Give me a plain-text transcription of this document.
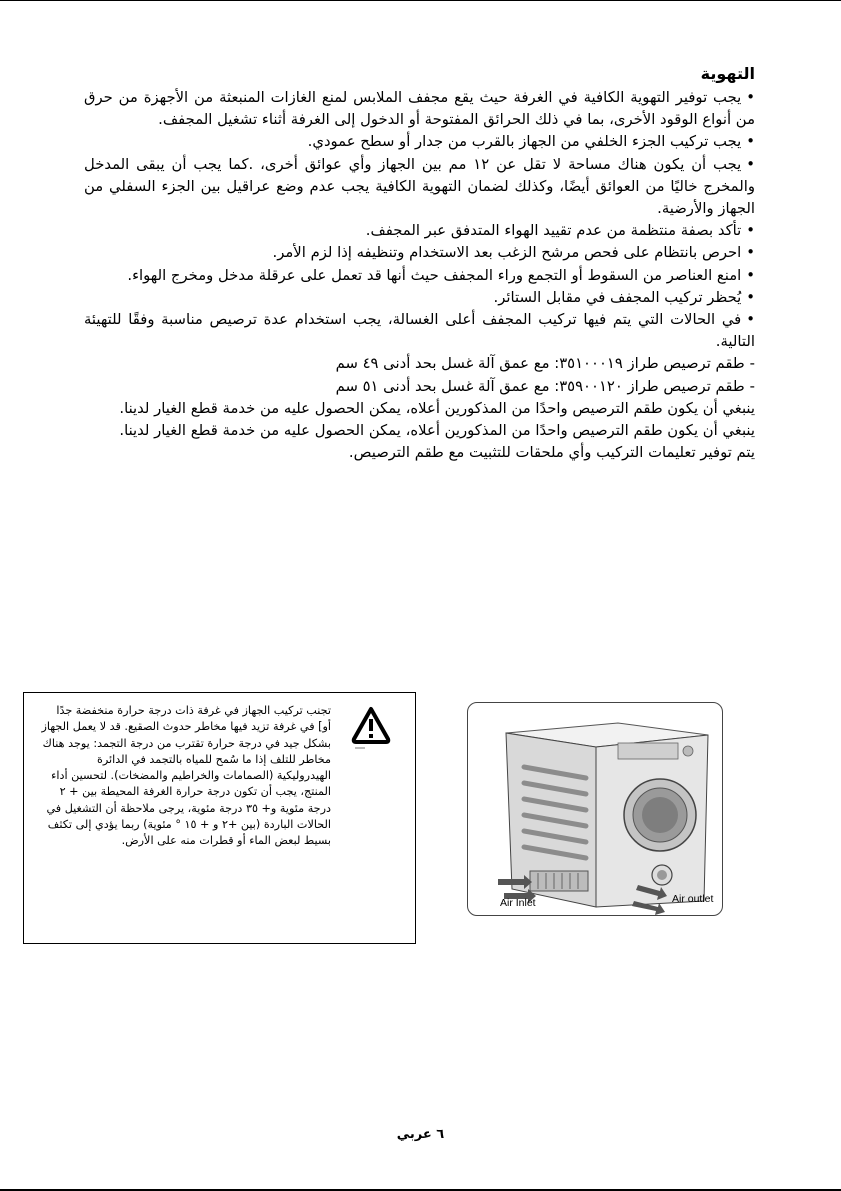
التهوية
•يجب توفير التهوية الكافية في الغرفة حيث يقع مجفف الملابس لمنع الغازات المنبعثة من الأجهزة من حرق من أنواع الوقود الأخرى، بما في ذلك الحرائق المفتوحة أو الدخول إلى الغرفة أثناء تشغيل المجفف.
•يجب تركيب الجزء الخلفي من الجهاز بالقرب من جدار أو سطح عمودي.
•يجب أن يكون هناك مساحة لا تقل عن ١٢ مم بين الجهاز وأي عوائق أخرى، .كما يجب أن يبقى المدخل والمخرج خاليًا من العوائق أيضًا، وكذلك لضمان التهوية الكافية يجب عدم وضع عراقيل بين الجزء السفلي من الجهاز والأرضية.
•تأكد بصفة منتظمة من عدم تقييد الهواء المتدفق عبر المجفف.
•احرص بانتظام على فحص مرشح الزغب بعد الاستخدام وتنظيفه إذا لزم الأمر.
•امنع العناصر من السقوط أو التجمع وراء المجفف حيث أنها قد تعمل على عرقلة مدخل ومخرج الهواء.
•يُحظر تركيب المجفف في مقابل الستائر.
•في الحالات التي يتم فيها تركيب المجفف أعلى الغسالة، يجب استخدام عدة ترصيص مناسبة وفقًا للتهيئة التالية.
-طقم ترصيص طراز ٣٥١٠٠٠١٩: مع عمق آلة غسل بحد أدنى ٤٩ سم
-طقم ترصيص طراز ٣٥٩٠٠١٢٠: مع عمق آلة غسل بحد أدنى ٥١ سم
ينبغي أن يكون طقم الترصيص واحدًا من المذكورين أعلاه، يمكن الحصول عليه من خدمة قطع الغيار لدينا.
ينبغي أن يكون طقم الترصيص واحدًا من المذكورين أعلاه، يمكن الحصول عليه من خدمة قطع الغيار لدينا.
يتم توفير تعليمات التركيب وأي ملحقات للتثبيت مع طقم الترصيص.
تجنب تركيب الجهاز في غرفة ذات درجة حرارة منخفضة جدًا أو] في غرفة تزيد فيها مخاطر حدوث الصقيع. قد لا يعمل الجهاز بشكل جيد في درجة حرارة تقترب من درجة التجمد: يوجد هناك مخاطر للتلف إذا ما سُمح للمياه بالتجمد في الدائرة الهيدروليكية (الصمامات والخراطيم والمضخات). لتحسين أداء المنتج، يجب أن تكون درجة حرارة الغرفة المحيطة بين + ٢ درجة مئوية و+ ٣٥ درجة مئوية، يرجى ملاحظة أن التشغيل في الحالات الباردة (بين +٢ و + ١٥ ° مئوية) ربما يؤدي إلى تكثف بسيط لبعض الماء أو قطرات منه على الأرض.
Air Inlet	Air outlet
٦ عربي
